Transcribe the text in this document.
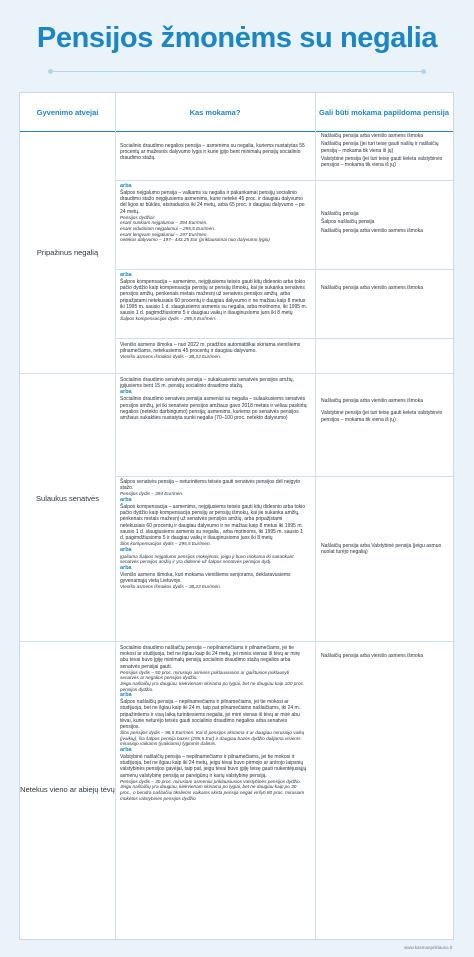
Pensijos žmonėms su negalia
Gyvenimo atvejai	Kas mokama?	Gali būti mokama papildoma pensija
Pripažinus negalią
Sulaukus senatvės
Netekus vieno ar abiejų tėvų
Socialinio draudimo negalios pensija – asmenims su negalia, kuriems nustatytas 55 procentų ar mažesnis dalyvumo lygis ir kurie įgijo bent minimalų pensijų socialinio draudimo stažą.
Našlaičių pensija arba vienišo asmens išmoka
Našlaičių pensija (jei turi teisę gauti našlių ir našlaičių pensiją – mokama tik viena iš jų)
Valstybinė pensija (jei turi teisę gauti keleta valstybinės pensijos – mokama tik viena iš jų)
arba
Šalpos neįgalumo pensija – valkams su negalia ir pakankamai pensijų socialinio draudimo stažo neįgijusiems asmenims, kurie netekė 45 proc. ir daugiau dalyvumo dėl ligos ar būklės, atsiradusios iki 24 metų, arba 65 proc. ir daugiau dalyvumo – po 24 metų.
Pensijos dydžiai:
esant sunkiam neįgalumui – 394 Eur/mėn.
esant vidutiniam neįgalumui – 295,5 Eur/mėn.
esant lengvam neįgalumui – 197 Eur/mėn.
netekus dalyvumo – 197– 443,25 Eur (priklausomai nuo dalyvumo lygio)
Našlaičių pensija
Šalpos našlaičių pensija
Našlaičių pensija arba vienišo asmens išmoka
arba
Šalpos kompensacija – asmenims, neįgijusiems teisės gauti kitų didesnio arba tokio pačio dydžio kaip kompensacija pensijų ar pensijų išmokų, kai jie sukanka senatvės pensijos amžių, penkeriais metais mažesnį už senatvės pensijos amžių, arba pripažįstami netekusiais 60 procentų ir daugiau dalyvumo ir ne mažiau kaip 8 metus iki 1995 m. sausio 1 d. slaugiusiems asmenis su negalia, arba motinoms, iki 1995 m. sausio 1 d. pagimdžiusioms 5 ir daugiau vaikų ir išauginusioms juos iki 8 metų
Šalpos kompensacijos dydis – 295,5 Eur/mėn.
Našlaičių pensija arba vienišo asmens išmoka
Vienišo asmens išmoka – nuo 2022 m. pradžios automatiškai skiriama vienišiems pilnamečiams, netekusiems 45 procentų ir daugiau dalyvumo.
Vienišo asmens išmokos dydis – 38,23 Eur/mėn.
Socialinio draudimo senatvės pensija – sukakusiems senatvės pensijos amžių, įgijusiems bent 15 m. pensijų socialinio draudimo stažą.
arba
Socialinio draudimo senatvės pensija asmeniui su negalia – sulaukusiems senatvės pensijos amžių, jei iki senatvės pensijos amžiaus gavo 2018 metais ir vėliau paskirtą negalios (netekto darbingumo) pensiją; asmenims, kuriems po senatvės pensijos amžiaus sukakties nustatyta sunki negalia (70–100 proc. netekto dalyvumo)
Našlaičių pensija arba vienišo asmens išmoka
Valstybinė pensija (jei turi teisę gauti keleta valstybinės pensijos – mokama tik viena iš jų)
Šalpos senatvės pensija – neturintiems teisės gauti senatvės pensijos dėl neįgyto stažo.
Pensijos dydis – 394 Eur/mėn.
arba
Šalpos kompensacija – asmenims, neįgijusiems teisės gauti kitų didesnio arba tokio pačio dydžio kaip kompensacija pensijų ar pensijų išmokų, kai jie sukanka amžių, penkeriais metais mažesnį už senatvės pensijos amžių, arba pripažįstami netekusiais 60 procentų ir daugiau dalyvumo ir ne mažiau kaip 8 metus iki 1995 m. sausio 1 d. slaugiusiems asmenis su negalia , arba motinoms, iki 1995 m. sausio 1 d. pagimdžiusioms 5 ir daugiau vaikų ir išauginusioms juos iki 8 metų
Šlos kompensacijos dydis – 295,5 Eur/mėn.
arba
Įgaliama Šalpos neįgalumo pensijos mokėjimas, jeigu ji buvo mokama iki sukankant senatvės pensijos amžių ir yra didesnė už šalpos senatvės pensijos dydį.
arba
Vienišo asmens išmoka, kuri mokama vienišiems senjorams, deklaravusiems gyvenamąją vietą Lietuvoje.
Vienišo asmens išmokos dydis – 38,23 Eur/mėn.
Našlaičių pensija arba Valstybinė pensija (jeigu asmuo nuolat turėjo negalią)
Socialinio draudimo našlaičių pensija – nepilnamečiams ir pilnamečiams, jei tie mokosi ar studijuoja, bet ne ilgiau kaip iki 24 metų, jei mirės vienas iš tėvų ar mirę abu tėvai buvo įgiję minimalų pensijų socialinio draudimo stažą negalios arba senatvės pensijai gauti.
Pensijos dydis – 50 proc. mirusiojo asmens priklausiusios ar gaištusios priklausyti senatvės ar negalios pensijos dydžio.
Jeigu našlaičių yra daugiau, kiekvienam skiriama po lygiai, bet ne daugiau kaip 100 proc. pensijos dydžio.
arba
Šalpos našlaičių pensija – nepilnamečiams ir pilnamečiams, jei tie mokosi ar studijuoja, bet ne ilgiau kaip iki 24 m. taip pat pilnamečiams našlaičiams, iki 24 m. pripažintiems ir visą laiką turintiesiems negalia, jei mirė vienas iš tėvų ar mirė abu tėvai, kurie neturėjo teisės gauti socialinio draudimo negalios arba senatvės pensijos.
Šlos pensijos dydis – 98,5 Eur/mėn. Kai iš pensijos skiriama 4 ar daugiau mirusiojo vaikų (įvaikių), šia šalpos pensija bazės (295,5 Eur) ir daugiau bazės dydžio dalijama visiems mirusiojo vaikams (įvaikiams) lygiomis dalimis.
arba
Valstybinė našlaičių pensija – nepilnamečiams ir pilnamečiams, jei tie mokosi ir studijuoja, bet ne ilgiau kaip iki 24 metų, jeigu tėvai buvo pirmojo ar antrojo laipsnių valstybinės pensijos gavėjai, taip pat, jeigu tėvai buvo įgiję teisę gauti nukentėjusiųjų asmenų valstybinę pensiją ar pareigūnų ir karių valstybinę pensiją.
Pensijos dydis – 30 proc. mirusiam asmeniui priklausiusios valstybinės pensijos dydžio.
Jeigu našlaičių yra daugiau, kiekvienam skiriama po lygiai, bet ne daugiau kaip po 30 proc., o bendra našlaičiui tiksliems vaikams skirta pensija negali viršyti 80 proc. mirusiam mokėtos valstybinės pensijos dydžio.
Našlaičių pensija arba vienišo asmens išmoka
www.kasmanpriklauso.lt
